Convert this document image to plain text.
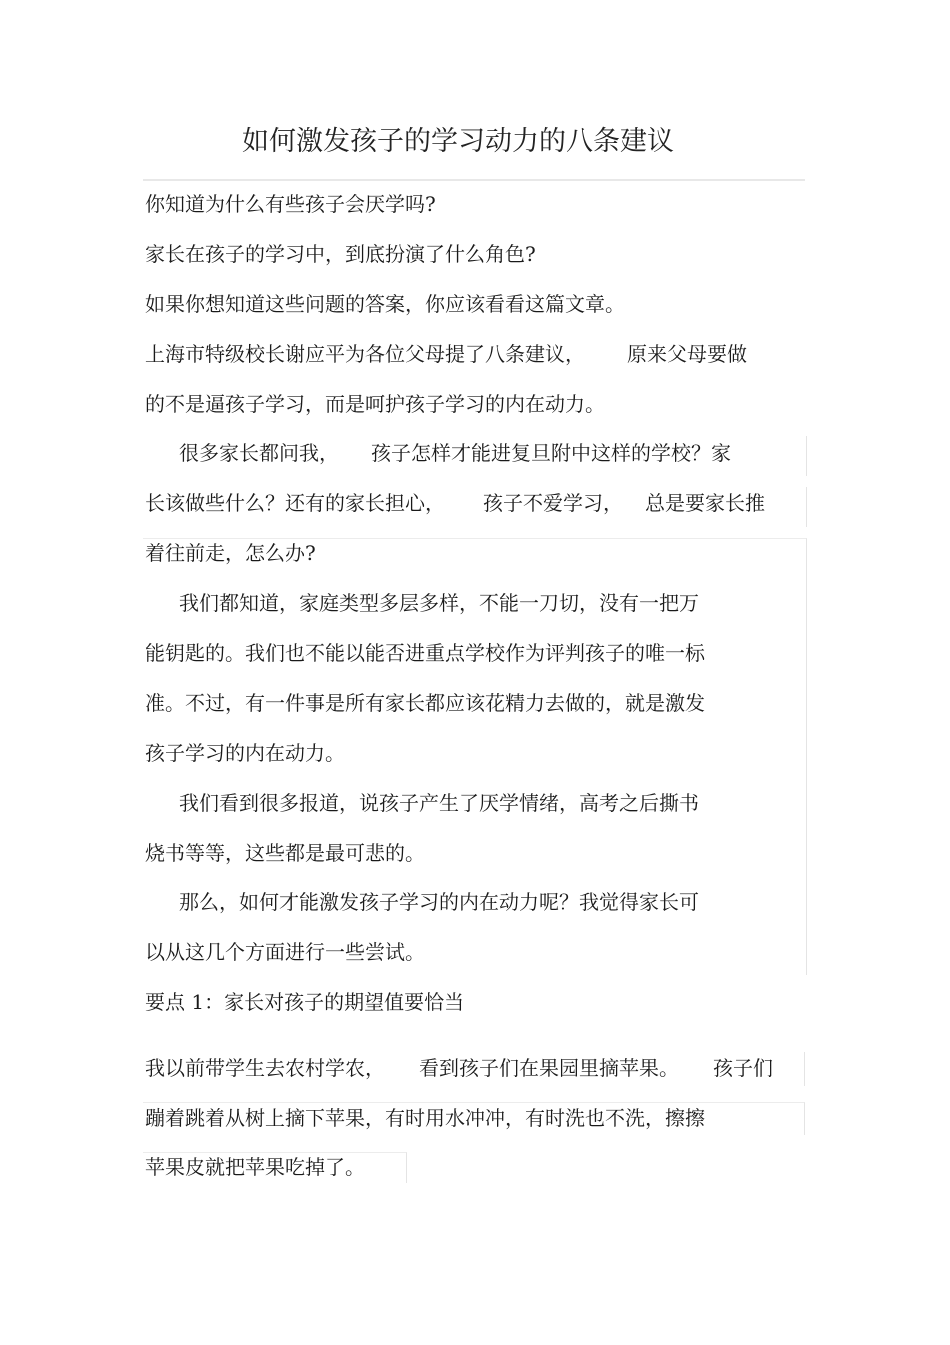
如何激发孩子的学习动力的八条建议
你知道为什么有些孩子会厌学吗?
家长在孩子的学习中，到底扮演了什么角色?
如果你想知道这些问题的答案，你应该看看这篇文章。
上海市特级校长谢应平为各位父母提了八条建议， 原来父母要做
的不是逼孩子学习，而是呵护孩子学习的内在动力。
很多家长都问我， 孩子怎样才能进复旦附中这样的学校？家
长该做些什么？还有的家长担心， 孩子不爱学习， 总是要家长推
着往前走，怎么办?
我们都知道，家庭类型多层多样，不能一刀切，没有一把万
能钥匙的。我们也不能以能否进重点学校作为评判孩子的唯一标
准。不过，有一件事是所有家长都应该花精力去做的，就是激发
孩子学习的内在动力。
我们看到很多报道，说孩子产生了厌学情绪，高考之后撕书
烧书等等，这些都是最可悲的。
那么，如何才能激发孩子学习的内在动力呢？我觉得家长可
以从这几个方面进行一些尝试。
要点 1：家长对孩子的期望值要恰当
我以前带学生去农村学农， 看到孩子们在果园里摘苹果。 孩子们
蹦着跳着从树上摘下苹果，有时用水冲冲，有时洗也不洗，擦擦
苹果皮就把苹果吃掉了。
